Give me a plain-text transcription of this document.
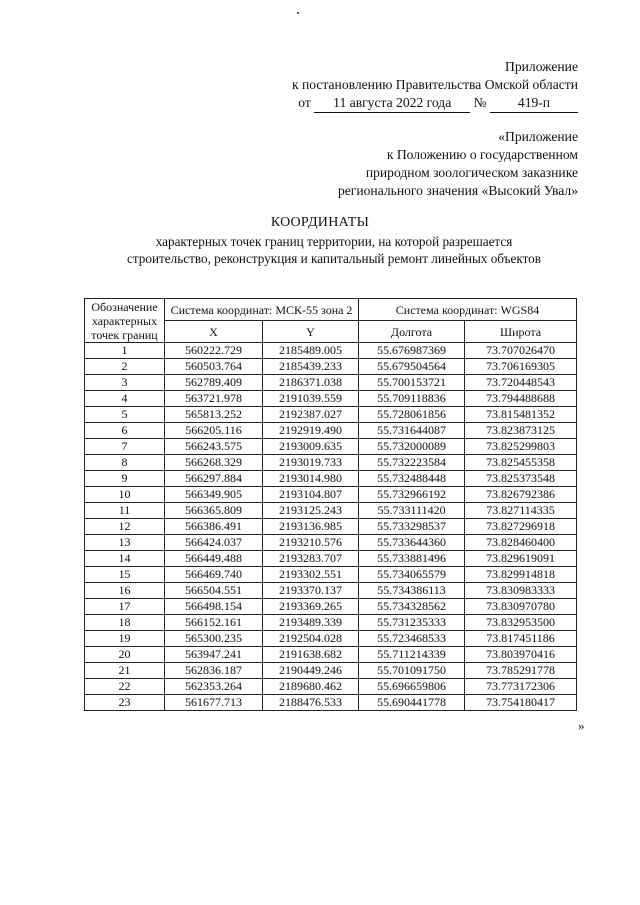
Приложение
к постановлению Правительства Омской области
от 11 августа 2022 года № 419-п
«Приложение
к Положению о государственном
природном зоологическом заказнике
регионального значения «Высокий Увал»
КООРДИНАТЫ
характерных точек границ территории, на которой разрешается строительство, реконструкция и капитальный ремонт линейных объектов
Обозначение характерных точек границ	Система координат: МСК-55 зона 2		Система координат: WGS84	
	X	Y	Долгота	Широта
1	560222.729	2185489.005	55.676987369	73.707026470
2	560503.764	2185439.233	55.679504564	73.706169305
3	562789.409	2186371.038	55.700153721	73.720448543
4	563721.978	2191039.559	55.709118836	73.794488688
5	565813.252	2192387.027	55.728061856	73.815481352
6	566205.116	2192919.490	55.731644087	73.823873125
7	566243.575	2193009.635	55.732000089	73.825299803
8	566268.329	2193019.733	55.732223584	73.825455358
9	566297.884	2193014.980	55.732488448	73.825373548
10	566349.905	2193104.807	55.732966192	73.826792386
11	566365.809	2193125.243	55.733111420	73.827114335
12	566386.491	2193136.985	55.733298537	73.827296918
13	566424.037	2193210.576	55.733644360	73.828460400
14	566449.488	2193283.707	55.733881496	73.829619091
15	566469.740	2193302.551	55.734065579	73.829914818
16	566504.551	2193370.137	55.734386113	73.830983333
17	566498.154	2193369.265	55.734328562	73.830970780
18	566152.161	2193489.339	55.731235333	73.832953500
19	565300.235	2192504.028	55.723468533	73.817451186
20	563947.241	2191638.682	55.711214339	73.803970416
21	562836.187	2190449.246	55.701091750	73.785291778
22	562353.264	2189680.462	55.696659806	73.773172306
23	561677.713	2188476.533	55.690441778	73.754180417
»
